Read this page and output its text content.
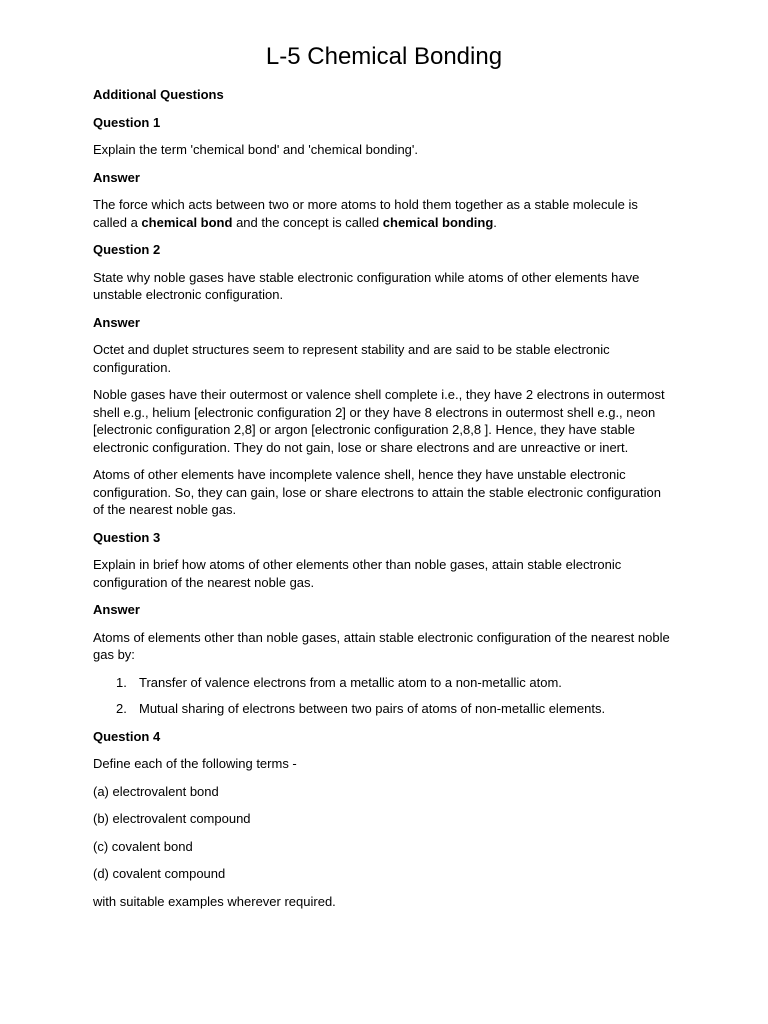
L-5 Chemical Bonding

Additional Questions

Question 1

Explain the term 'chemical bond' and 'chemical bonding'.

Answer

The force which acts between two or more atoms to hold them together as a stable molecule is called a chemical bond and the concept is called chemical bonding.

Question 2

State why noble gases have stable electronic configuration while atoms of other elements have unstable electronic configuration.

Answer

Octet and duplet structures seem to represent stability and are said to be stable electronic configuration.

Noble gases have their outermost or valence shell complete i.e., they have 2 electrons in outermost shell e.g., helium [electronic configuration 2] or they have 8 electrons in outermost shell e.g., neon [electronic configuration 2,8] or argon [electronic configuration 2,8,8 ]. Hence, they have stable electronic configuration. They do not gain, lose or share electrons and are unreactive or inert.

Atoms of other elements have incomplete valence shell, hence they have unstable electronic configuration. So, they can gain, lose or share electrons to attain the stable electronic configuration of the nearest noble gas.

Question 3

Explain in brief how atoms of other elements other than noble gases, attain stable electronic configuration of the nearest noble gas.

Answer

Atoms of elements other than noble gases, attain stable electronic configuration of the nearest noble gas by:

1. Transfer of valence electrons from a metallic atom to a non-metallic atom.
2. Mutual sharing of electrons between two pairs of atoms of non-metallic elements.

Question 4

Define each of the following terms -

(a) electrovalent bond

(b) electrovalent compound

(c) covalent bond

(d) covalent compound

with suitable examples wherever required.
